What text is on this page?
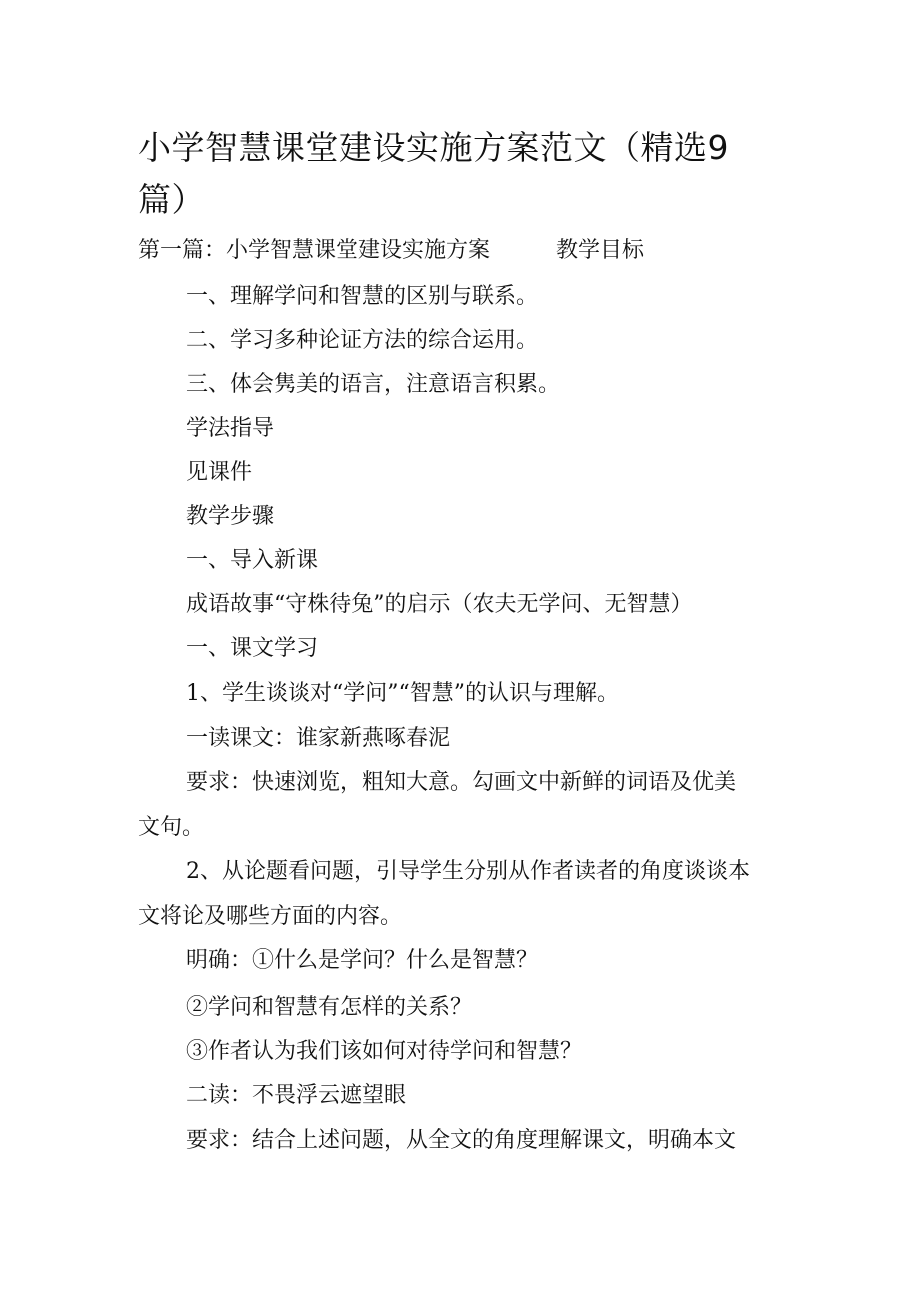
小学智慧课堂建设实施方案范文（精选9篇）

第一篇：小学智慧课堂建设实施方案	教学目标

一、理解学问和智慧的区别与联系。

二、学习多种论证方法的综合运用。

三、体会隽美的语言，注意语言积累。

学法指导

见课件

教学步骤

一、导入新课

成语故事“守株待兔”的启示（农夫无学问、无智慧）

一、课文学习

1、学生谈谈对“学问”“智慧”的认识与理解。

一读课文：谁家新燕啄春泥

要求：快速浏览，粗知大意。勾画文中新鲜的词语及优美

文句。

2、从论题看问题，引导学生分别从作者读者的角度谈谈本

文将论及哪些方面的内容。

明确：①什么是学问？什么是智慧？

②学问和智慧有怎样的关系？

③作者认为我们该如何对待学问和智慧？

二读：不畏浮云遮望眼

要求：结合上述问题，从全文的角度理解课文，明确本文
